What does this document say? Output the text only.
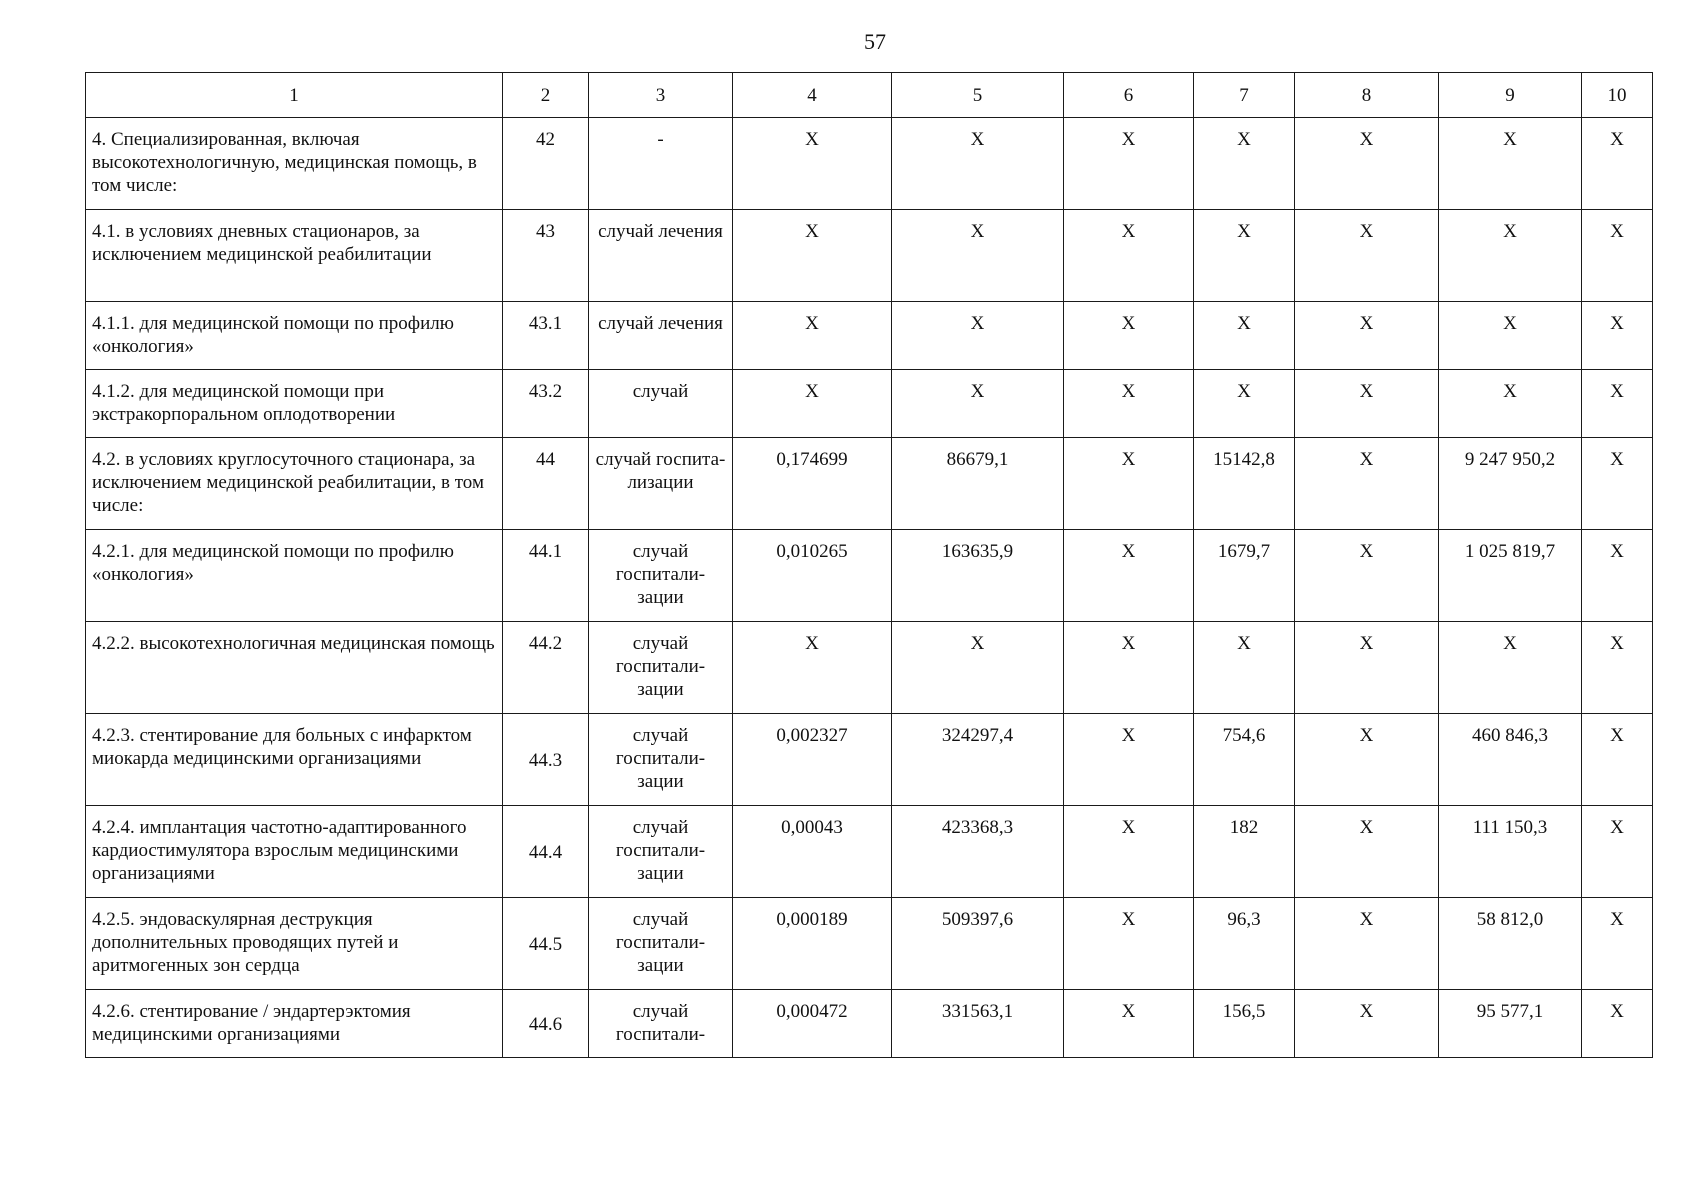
57
1	2	3	4	5	6	7	8	9	10
4. Специализированная, включая высокотехнологичную, медицинская помощь, в том числе:	42	-	X	X	X	X	X	X	X
4.1. в условиях дневных стационаров, за исключением медицинской реабилитации	43	случай лечения	X	X	X	X	X	X	X
4.1.1. для медицинской помощи по профилю «онкология»	43.1	случай лечения	X	X	X	X	X	X	X
4.1.2. для медицинской помощи при экстракорпоральном оплодотворении	43.2	случай	X	X	X	X	X	X	X
4.2. в условиях круглосуточного стационара, за исключением медицинской реабилитации, в том числе:	44	случай госпита-лизации	0,174699	86679,1	X	15142,8	X	9 247 950,2	X
4.2.1. для медицинской помощи по профилю «онкология»	44.1	случай госпитали-зации	0,010265	163635,9	X	1679,7	X	1 025 819,7	X
4.2.2. высокотехнологичная медицинская помощь	44.2	случай госпитали-зации	X	X	X	X	X	X	X
4.2.3. стентирование для больных с инфарктом миокарда медицинскими организациями	44.3	случай госпитали-зации	0,002327	324297,4	X	754,6	X	460 846,3	X
4.2.4. имплантация частотно-адаптированного кардиостимулятора взрослым медицинскими организациями	44.4	случай госпитали-зации	0,00043	423368,3	X	182	X	111 150,3	X
4.2.5. эндоваскулярная деструкция дополнительных проводящих путей и аритмогенных зон сердца	44.5	случай госпитали-зации	0,000189	509397,6	X	96,3	X	58 812,0	X
4.2.6. стентирование / эндартерэктомия медицинскими организациями	44.6	случай госпитали-	0,000472	331563,1	X	156,5	X	95 577,1	X
